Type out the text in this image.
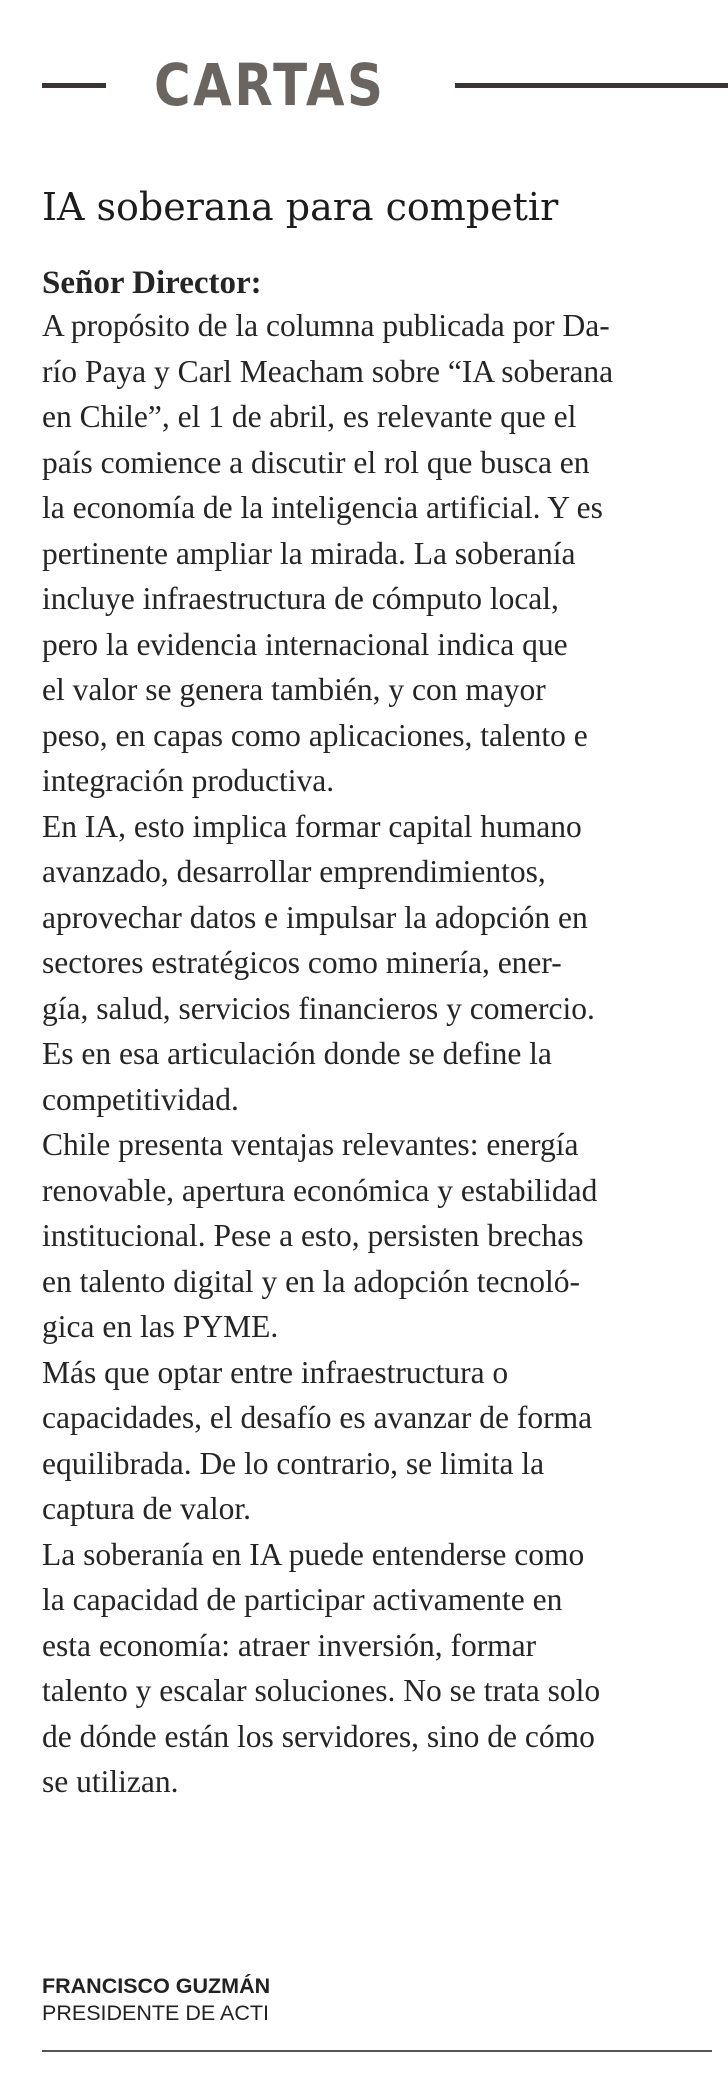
CARTAS
IA soberana para competir
Señor Director:

A propósito de la columna publicada por Da-
río Paya y Carl Meacham sobre “IA soberana
en Chile”, el 1 de abril, es relevante que el
país comience a discutir el rol que busca en
la economía de la inteligencia artificial. Y es
pertinente ampliar la mirada. La soberanía
incluye infraestructura de cómputo local,
pero la evidencia internacional indica que
el valor se genera también, y con mayor
peso, en capas como aplicaciones, talento e
integración productiva.

En IA, esto implica formar capital humano
avanzado, desarrollar emprendimientos,
aprovechar datos e impulsar la adopción en
sectores estratégicos como minería, ener-
gía, salud, servicios financieros y comercio.
Es en esa articulación donde se define la
competitividad.

Chile presenta ventajas relevantes: energía
renovable, apertura económica y estabilidad
institucional. Pese a esto, persisten brechas
en talento digital y en la adopción tecnoló-
gica en las PYME.

Más que optar entre infraestructura o
capacidades, el desafío es avanzar de forma
equilibrada. De lo contrario, se limita la
captura de valor.

La soberanía en IA puede entenderse como
la capacidad de participar activamente en
esta economía: atraer inversión, formar
talento y escalar soluciones. No se trata solo
de dónde están los servidores, sino de cómo
se utilizan.

FRANCISCO GUZMÁN
PRESIDENTE DE ACTI
